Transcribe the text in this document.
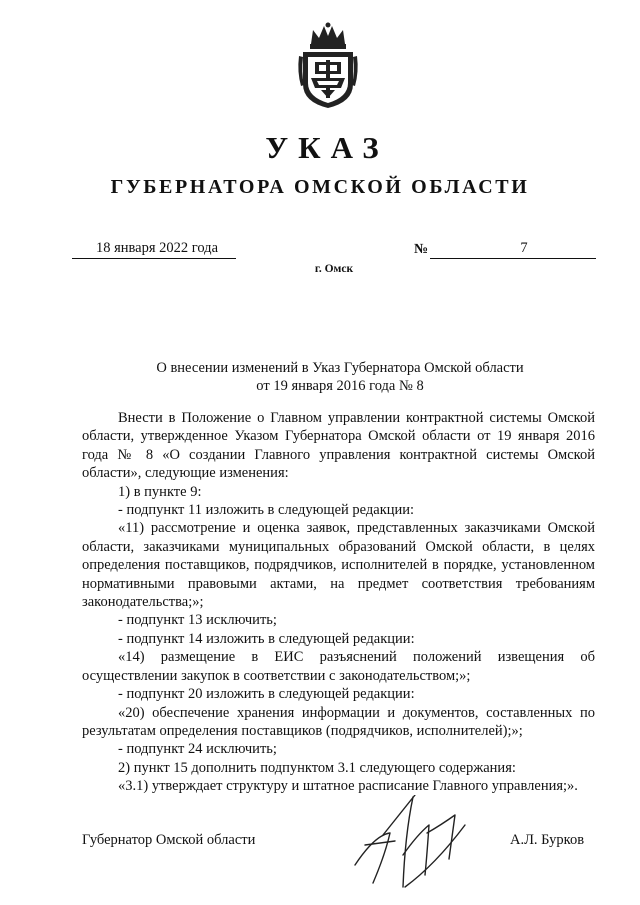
УКАЗ
ГУБЕРНАТОРА ОМСКОЙ ОБЛАСТИ
18 января 2022 года	№	7
г. Омск
О внесении изменений в Указ Губернатора Омской области
от 19 января 2016 года № 8

Внести в Положение о Главном управлении контрактной системы Омской области, утвержденное Указом Губернатора Омской области от 19 января 2016 года № 8 «О создании Главного управления контрактной системы Омской области», следующие изменения:

1) в пункте 9:

- подпункт 11 изложить в следующей редакции:

«11) рассмотрение и оценка заявок, представленных заказчиками Омской области, заказчиками муниципальных образований Омской области, в целях определения поставщиков, подрядчиков, исполнителей в порядке, установленном нормативными правовыми актами, на предмет соответствия требованиям законодательства;»;

- подпункт 13 исключить;

- подпункт 14 изложить в следующей редакции:

«14) размещение в ЕИС разъяснений положений извещения об осуществлении закупок в соответствии с законодательством;»;

- подпункт 20 изложить в следующей редакции:

«20) обеспечение хранения информации и документов, составленных по результатам определения поставщиков (подрядчиков, исполнителей);»;

- подпункт 24 исключить;

2) пункт 15 дополнить подпунктом 3.1 следующего содержания:

«3.1) утверждает структуру и штатное расписание Главного управления;».

Губернатор Омской области	А.Л. Бурков
